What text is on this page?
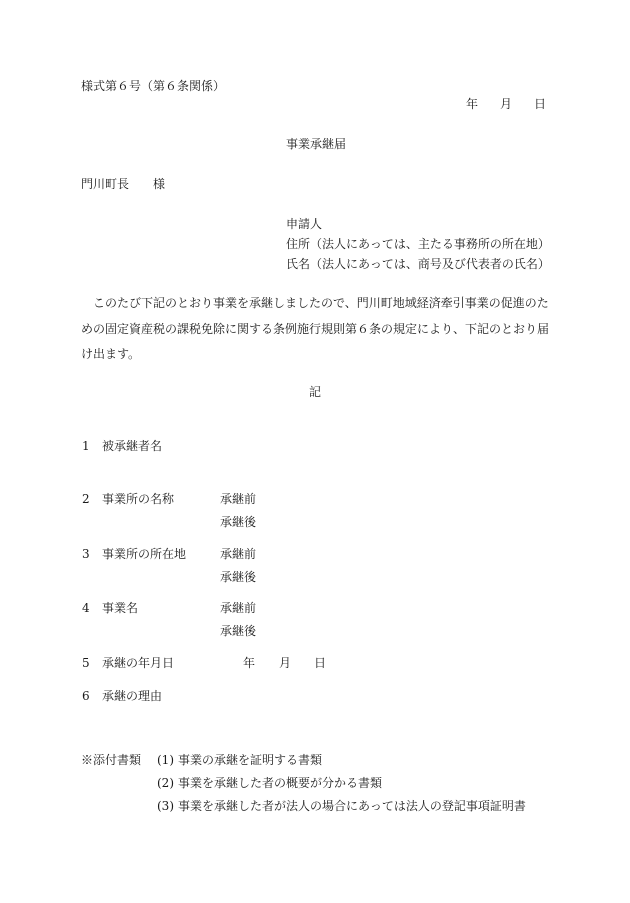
様式第６号（第６条関係）
年 月 日
事業承継届
門川町長　　様
申請人
住所（法人にあっては、主たる事務所の所在地）
氏名（法人にあっては、商号及び代表者の氏名）
このたび下記のとおり事業を承継しましたので、門川町地域経済牽引事業の促進のための固定資産税の課税免除に関する条例施行規則第６条の規定により、下記のとおり届け出ます。
記
1 被承継者名
2 事業所の名称	承継前
承継後
3 事業所の所在地	承継前
承継後
4 事業名	承継前
承継後
5 承継の年月日	年 月 日
6 承継の理由
※添付書類 (1) 事業の承継を証明する書類
(2) 事業を承継した者の概要が分かる書類
(3) 事業を承継した者が法人の場合にあっては法人の登記事項証明書
